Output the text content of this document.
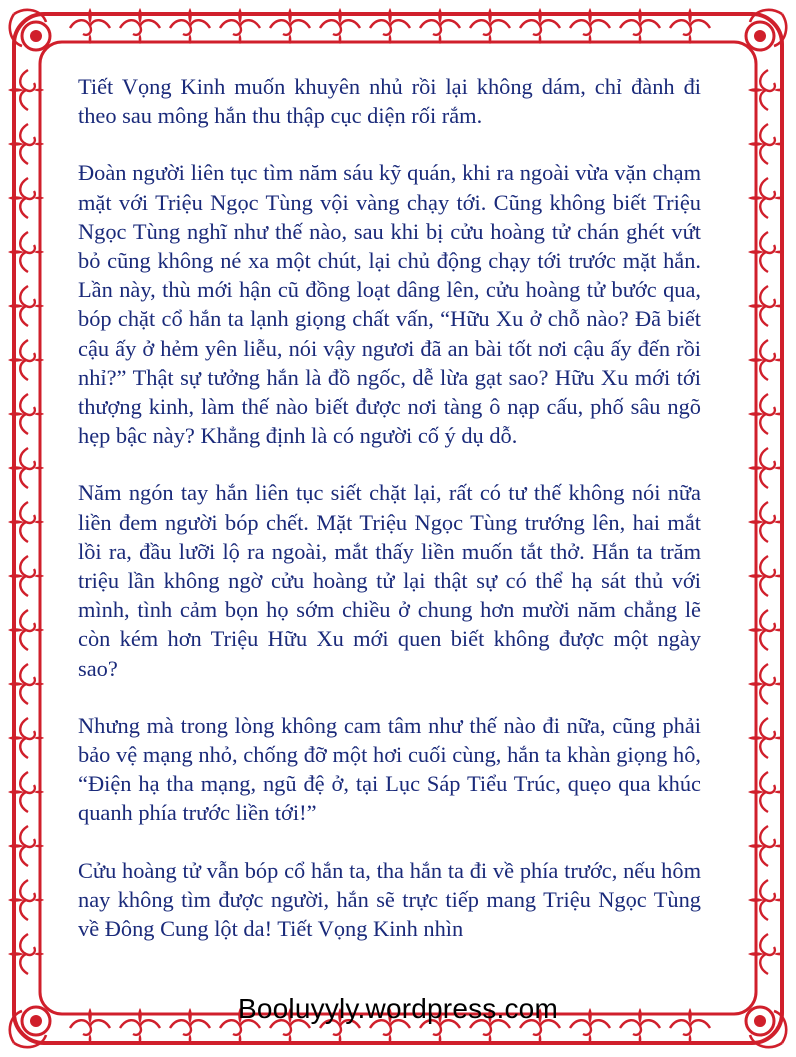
Tiết Vọng Kinh muốn khuyên nhủ rồi lại không dám, chỉ đành đi theo sau mông hắn thu thập cục diện rối rắm.

Đoàn người liên tục tìm năm sáu kỹ quán, khi ra ngoài vừa vặn chạm mặt với Triệu Ngọc Tùng vội vàng chạy tới. Cũng không biết Triệu Ngọc Tùng nghĩ như thế nào, sau khi bị cửu hoàng tử chán ghét vứt bỏ cũng không né xa một chút, lại chủ động chạy tới trước mặt hắn. Lần này, thù mới hận cũ đồng loạt dâng lên, cửu hoàng tử bước qua, bóp chặt cổ hắn ta lạnh giọng chất vấn, “Hữu Xu ở chỗ nào? Đã biết cậu ấy ở hẻm yên liễu, nói vậy ngươi đã an bài tốt nơi cậu ấy đến rồi nhỉ?” Thật sự tưởng hắn là đồ ngốc, dễ lừa gạt sao? Hữu Xu mới tới thượng kinh, làm thế nào biết được nơi tàng ô nạp cấu, phố sâu ngõ hẹp bậc này? Khẳng định là có người cố ý dụ dỗ.

Năm ngón tay hắn liên tục siết chặt lại, rất có tư thế không nói nữa liền đem người bóp chết. Mặt Triệu Ngọc Tùng trướng lên, hai mắt lồi ra, đầu lưỡi lộ ra ngoài, mắt thấy liền muốn tắt thở. Hắn ta trăm triệu lần không ngờ cửu hoàng tử lại thật sự có thể hạ sát thủ với mình, tình cảm bọn họ sớm chiều ở chung hơn mười năm chẳng lẽ còn kém hơn Triệu Hữu Xu mới quen biết không được một ngày sao?

Nhưng mà trong lòng không cam tâm như thế nào đi nữa, cũng phải bảo vệ mạng nhỏ, chống đỡ một hơi cuối cùng, hắn ta khàn giọng hô, “Điện hạ tha mạng, ngũ đệ ở, tại Lục Sáp Tiểu Trúc, quẹo qua khúc quanh phía trước liền tới!”

Cửu hoàng tử vẫn bóp cổ hắn ta, tha hắn ta đi về phía trước, nếu hôm nay không tìm được người, hắn sẽ trực tiếp mang Triệu Ngọc Tùng về Đông Cung lột da! Tiết Vọng Kinh nhìn

Booluyyly.wordpress.com
